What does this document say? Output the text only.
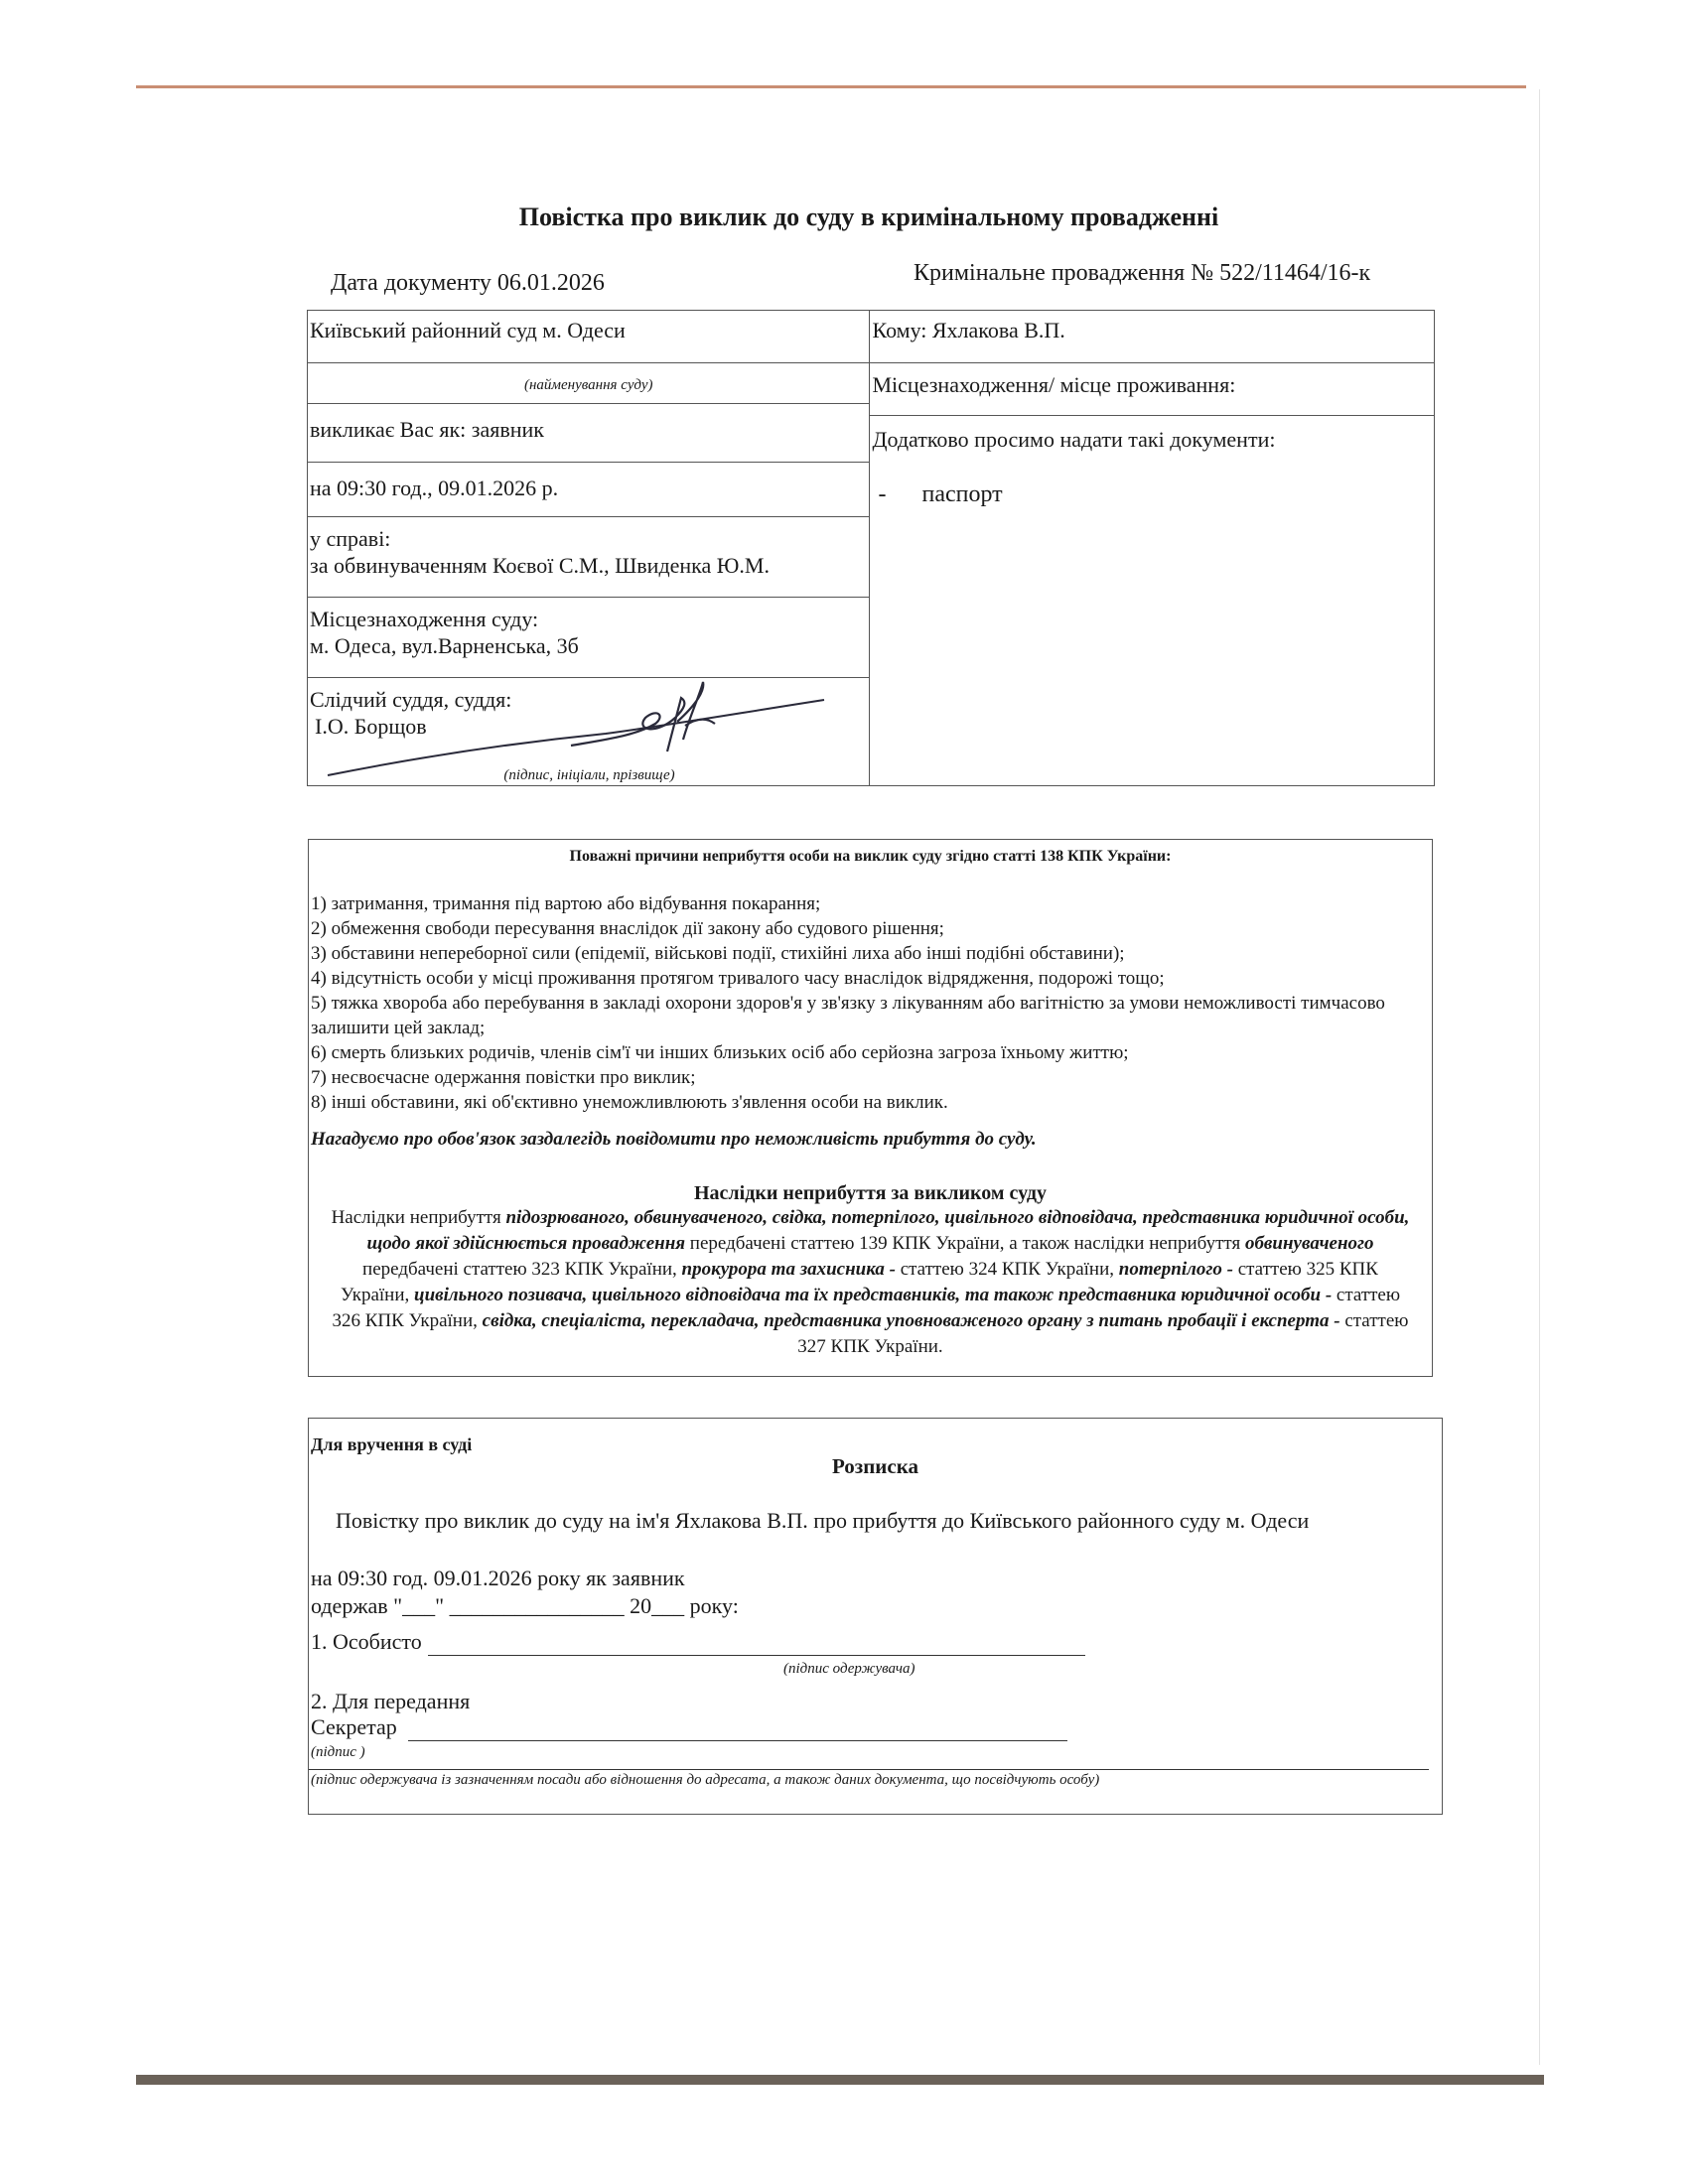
Повістка про виклик до суду в кримінальному провадженні
Дата документу 06.01.2026	Кримінальне провадження № 522/11464/16-к
Київський районний суд м. Одеси	Кому: Яхлакова В.П.

(найменування суду)	Місцезнаходження/ місце проживання:

викликає Вас як: заявник	

	Додатково просимо надати такі документи:
- паспорт

на 09:30 год., 09.01.2026 р.	

у справі:
за обвинуваченням Коєвої С.М., Швиденка Ю.М.	

Місцезнаходження суду:
м. Одеса, вул.Варненська, 3б	

Слідчий суддя, суддя:
І.О. Борщов
(підпис, ініціали, прізвище)	
Поважні причини неприбуття особи на виклик суду згідно статті 138 КПК України:
1) затримання, тримання під вартою або відбування покарання;
2) обмеження свободи пересування внаслідок дії закону або судового рішення;
3) обставини непереборної сили (епідемії, військові події, стихійні лиха або інші подібні обставини);
4) відсутність особи у місці проживання протягом тривалого часу внаслідок відрядження, подорожі тощо;
5) тяжка хвороба або перебування в закладі охорони здоров'я у зв'язку з лікуванням або вагітністю за умови неможливості тимчасово залишити цей заклад;
6) смерть близьких родичів, членів сім'ї чи інших близьких осіб або серйозна загроза їхньому життю;
7) несвоєчасне одержання повістки про виклик;
8) інші обставини, які об'єктивно унеможливлюють з'явлення особи на виклик.
Нагадуємо про обов'язок заздалегідь повідомити про неможливість прибуття до суду.
Наслідки неприбуття за викликом суду
Наслідки неприбуття підозрюваного, обвинуваченого, свідка, потерпілого, цивільного відповідача, представника юридичної особи, щодо якої здійснюється провадження передбачені статтею 139 КПК України, а також наслідки неприбуття обвинуваченого передбачені статтею 323 КПК України, прокурора та захисника - статтею 324 КПК України, потерпілого - статтею 325 КПК України, цивільного позивача, цивільного відповідача та їх представників, та також представника юридичної особи - статтею 326 КПК України, свідка, спеціаліста, перекладача, представника уповноваженого органу з питань пробації і експерта - статтею 327 КПК України.
Для вручення в суді
Розписка
Повістку про виклик до суду на ім'я Яхлакова В.П. про прибуття до Київського районного суду м. Одеси
на 09:30 год. 09.01.2026 року як заявник
одержав "___" ________________ 20___ року:
1. Особисто
(підпис одержувача)
2. Для передання
Секретар
(підпис )
(підпис одержувача із зазначенням посади або відношення до адресата, а також даних документа, що посвідчують особу)
